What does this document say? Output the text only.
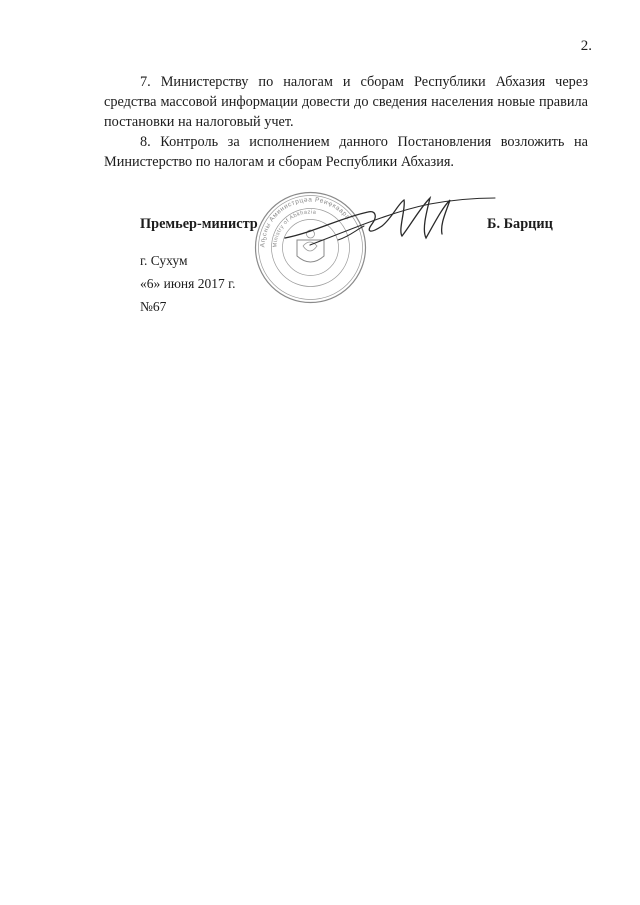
2.

7. Министерству по налогам и сборам Республики Абхазия через средства массовой информации довести до сведения населения новые правила постановки на налоговый учет.

8. Контроль за исполнением данного Постановления возложить на Министерство по налогам и сборам Республики Абхазия.

Аҧсны Аминистрцәа Реиҿкаара
Ministry of Abkhazia
Премьер-министр	Б. Барциц
г. Сухум
«6» июня 2017 г.
№67
